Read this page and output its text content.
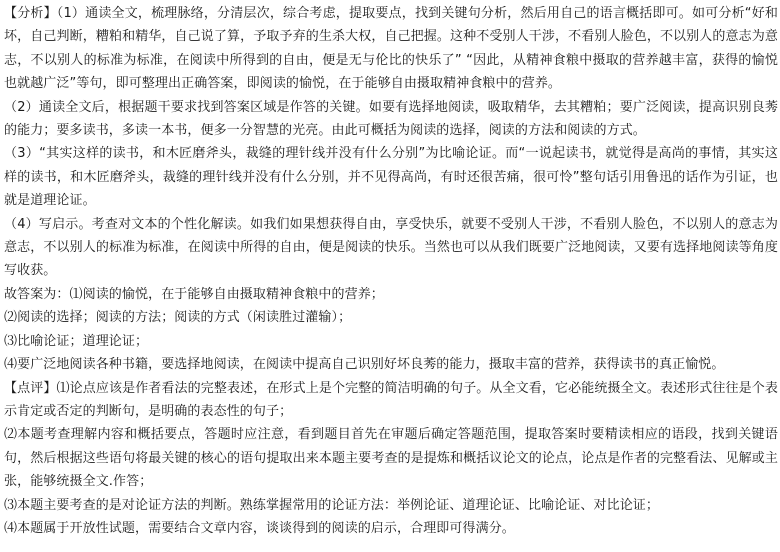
【分析】（1）通读全文，梳理脉络，分清层次，综合考虑，提取要点，找到关键句分析，然后用自己的语言概括即可。如可分析“好和坏，自己判断，糟粕和精华，自己说了算，予取予弃的生杀大权，自己把握。这种不受别人干涉，不看别人脸色，不以别人的意志为意志，不以别人的标准为标准，在阅读中所得到的自由，便是无与伦比的快乐了” “因此，从精神食粮中摄取的营养越丰富，获得的愉悦也就越广泛”等句，即可整理出正确答案，即阅读的愉悦，在于能够自由摄取精神食粮中的营养。

（2）通读全文后，根据题干要求找到答案区域是作答的关键。如要有选择地阅读，吸取精华，去其糟粕；要广泛阅读，提高识别良莠的能力；要多读书，多读一本书，便多一分智慧的光亮。由此可概括为阅读的选择，阅读的方法和阅读的方式。

（3）“其实这样的读书，和木匠磨斧头，裁缝的理针线并没有什么分别”为比喻论证。而“一说起读书，就觉得是高尚的事情，其实这样的读书，和木匠磨斧头，裁缝的理针线并没有什么分别，并不见得高尚，有时还很苦痛，很可怜”整句话引用鲁迅的话作为引证，也就是道理论证。

（4）写启示。考查对文本的个性化解读。如我们如果想获得自由，享受快乐，就要不受别人干涉，不看别人脸色，不以别人的意志为意志，不以别人的标准为标准，在阅读中所得的自由，便是阅读的快乐。当然也可以从我们既要广泛地阅读，又要有选择地阅读等角度写收获。

故答案为：⑴阅读的愉悦，在于能够自由摄取精神食粮中的营养；

⑵阅读的选择；阅读的方法；阅读的方式（闲读胜过灌输）；

⑶比喻论证；道理论证；

⑷要广泛地阅读各种书籍，要选择地阅读，在阅读中提高自己识别好坏良莠的能力，摄取丰富的营养，获得读书的真正愉悦。

【点评】⑴论点应该是作者看法的完整表述，在形式上是个完整的简洁明确的句子。从全文看，它必能统摄全文。表述形式往往是个表示肯定或否定的判断句，是明确的表态性的句子；

⑵本题考查理解内容和概括要点，答题时应注意，看到题目首先在审题后确定答题范围，提取答案时要精读相应的语段，找到关键语句，然后根据这些语句将最关键的核心的语句提取出来本题主要考查的是提炼和概括议论文的论点，论点是作者的完整看法、见解或主张，能够统摄全文.作答；

⑶本题主要考查的是对论证方法的判断。熟练掌握常用的论证方法：举例论证、道理论证、比喻论证、对比论证；

⑷本题属于开放性试题，需要结合文章内容，谈谈得到的阅读的启示，合理即可得满分。
